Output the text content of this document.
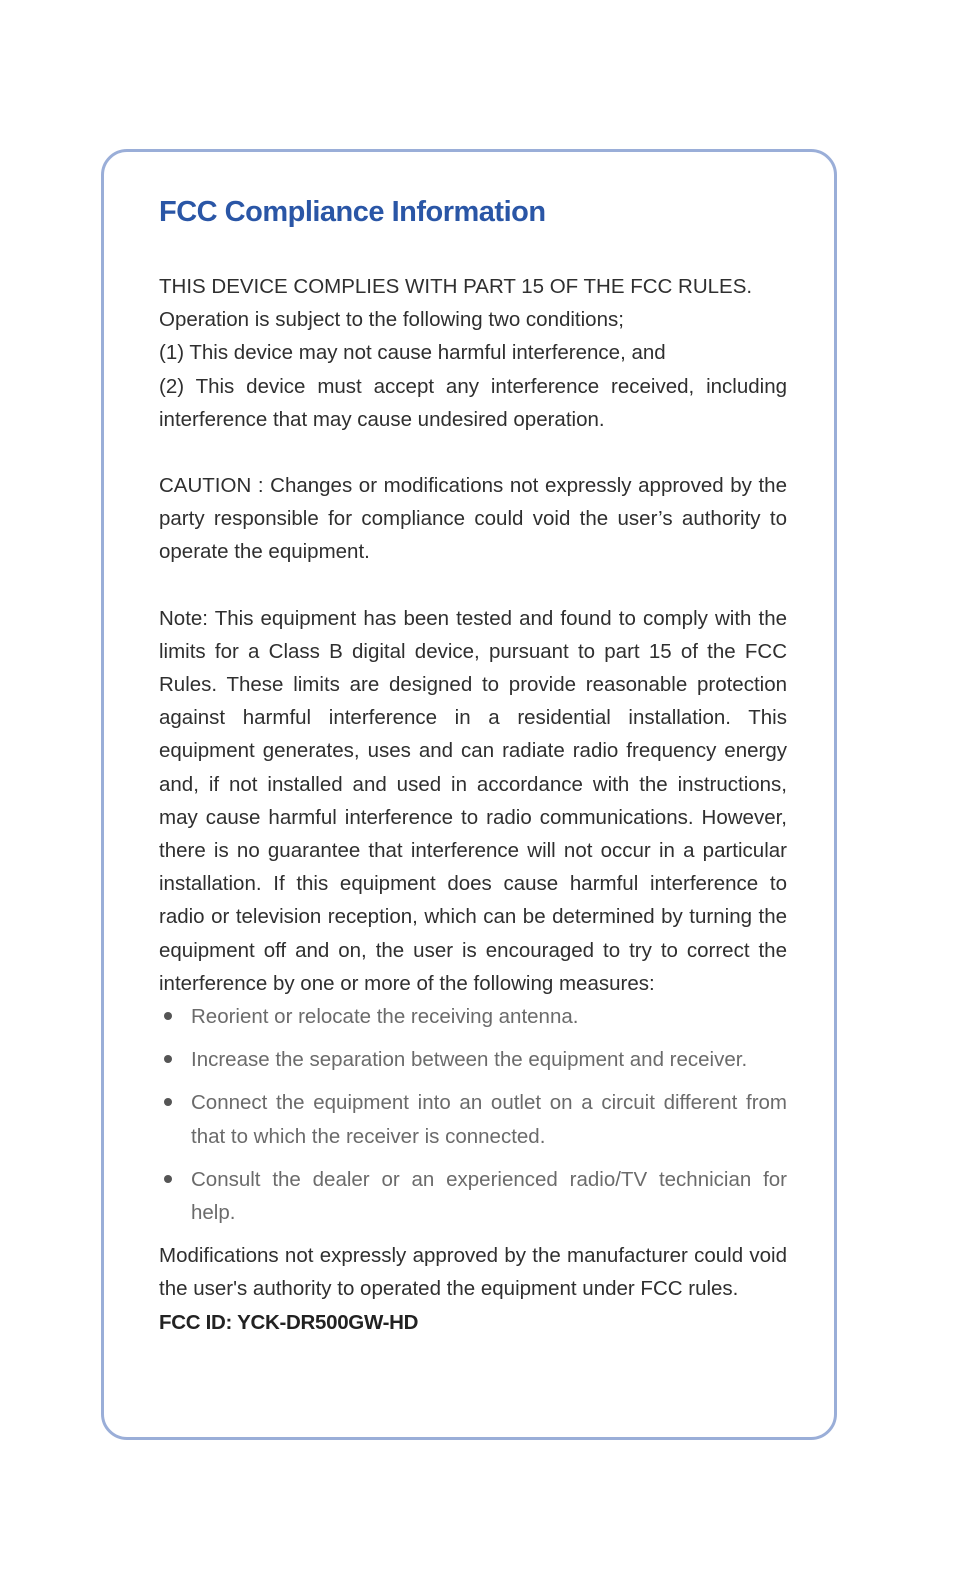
FCC Compliance Information

THIS DEVICE COMPLIES WITH PART 15 OF THE FCC RULES.
Operation is subject to the following two conditions;
(1) This device may not cause harmful interference, and
(2) This device must accept any interference received, including interference that may cause undesired operation.

CAUTION : Changes or modifications not expressly approved by the party responsible for compliance could void the user’s authority to operate the equipment.

Note: This equipment has been tested and found to comply with the limits for a Class B digital device, pursuant to part 15 of the FCC Rules. These limits are designed to provide reasonable protection against harmful interference in a residential installation. This equipment generates, uses and can radiate radio frequency energy and, if not installed and used in accordance with the instructions, may cause harmful interference to radio communications. However, there is no guarantee that interference will not occur in a particular installation. If this equipment does cause harmful interference to radio or television reception, which can be determined by turning the equipment off and on, the user is encouraged to try to correct the interference by one or more of the following measures:

Reorient or relocate the receiving antenna.
Increase the separation between the equipment and receiver.
Connect the equipment into an outlet on a circuit different from that to which the receiver is connected.
Consult the dealer or an experienced radio/TV technician for help.

Modifications not expressly approved by the manufacturer could void the user's authority to operated the equipment under FCC rules.

FCC ID: YCK-DR500GW-HD
